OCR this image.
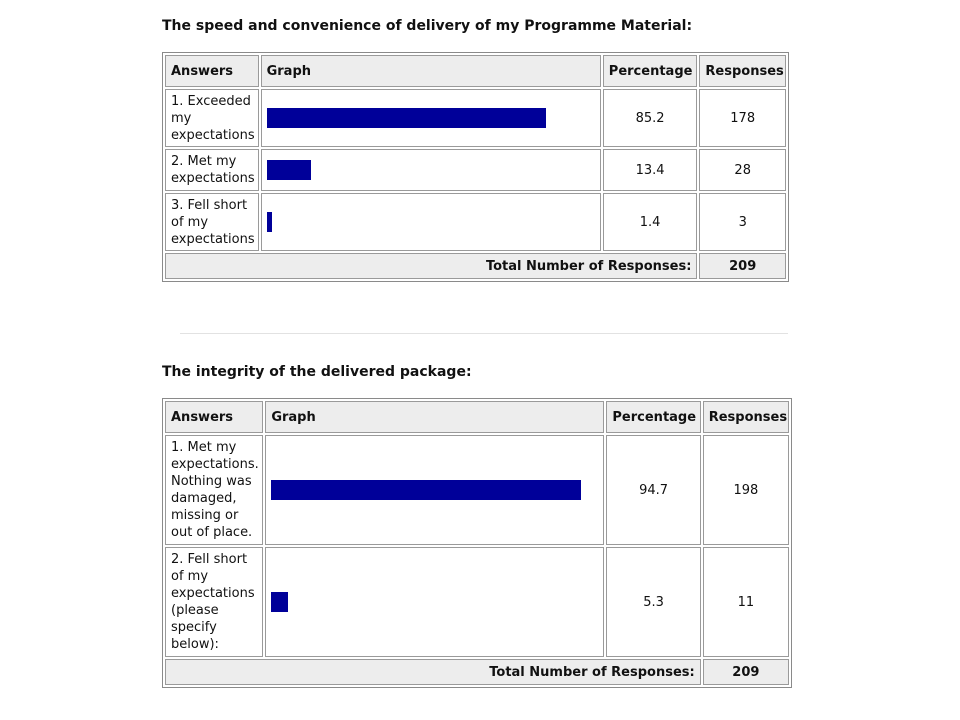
The speed and convenience of delivery of my Programme Material:
Answers	Graph	Percentage	Responses
1. Exceeded my expectations		85.2	178
2. Met my expectations		13.4	28
3. Fell short of my expectations		1.4	3
Total Number of Responses:			209
The integrity of the delivered package:
Answers	Graph	Percentage	Responses
1. Met my expectations. Nothing was damaged, missing or out of place.		94.7	198
2. Fell short of my expectations (please specify below):		5.3	11
Total Number of Responses:			209
